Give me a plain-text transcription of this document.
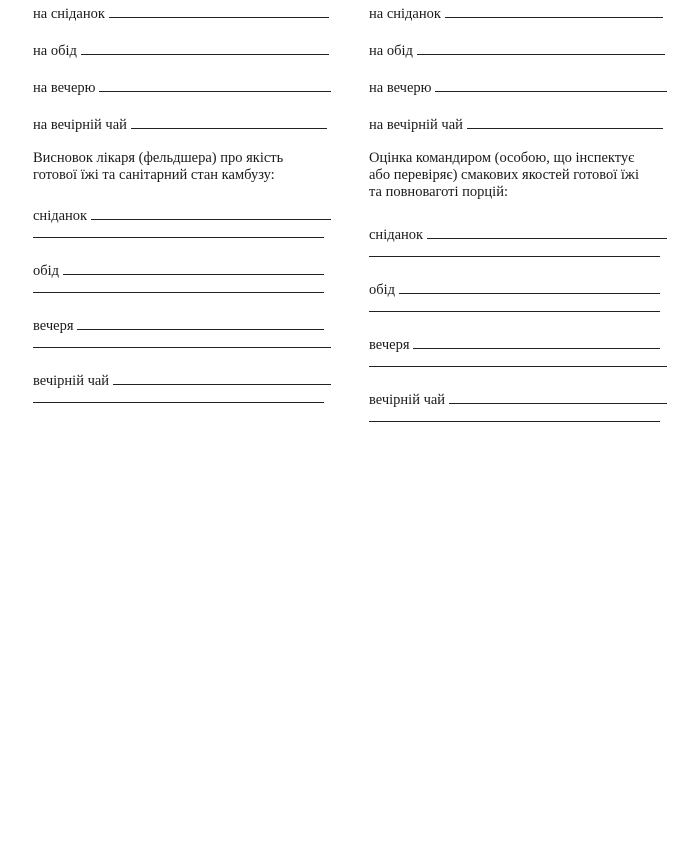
на сніданок
на обід
на вечерю
на вечірній чай
Висновок лікаря (фельдшера) про якість
готової їжі та санітарний стан камбузу:
сніданок
обід
вечеря
вечірній чай
на сніданок
на обід
на вечерю
на вечірній чай
Оцінка командиром (особою, що інспектує
або перевіряє) смакових якостей готової їжі
та повноваготі порцій:
сніданок
обід
вечеря
вечірній чай
